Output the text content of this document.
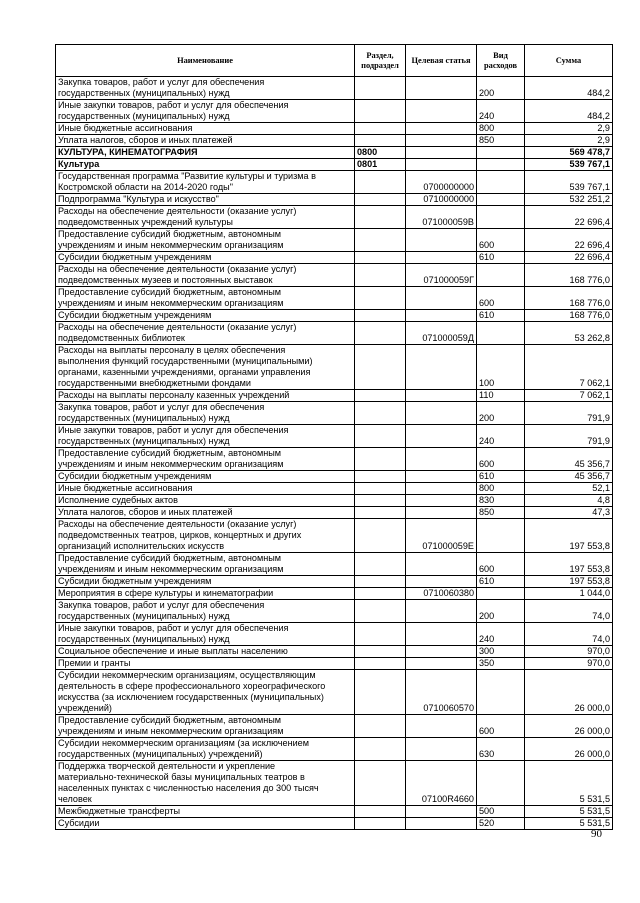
Наименование	Раздел, подраздел	Целевая статья	Вид расходов	Сумма

Закупка товаров, работ и услуг для обеспечения
государственных (муниципальных) нужд			200	484,2

Иные закупки товаров, работ и услуг для обеспечения
государственных (муниципальных) нужд			240	484,2

Иные бюджетные ассигнования			800	2,9

Уплата налогов, сборов и иных платежей			850	2,9

КУЛЬТУРА, КИНЕМАТОГРАФИЯ	0800			569 478,7

Культура	0801			539 767,1

Государственная программа "Развитие культуры и туризма в
Костромской области на 2014-2020 годы"		0700000000		539 767,1

Подпрограмма "Культура и искусство"		0710000000		532 251,2

Расходы на обеспечение деятельности (оказание услуг)
подведомственных учреждений культуры		071000059В		22 696,4

Предоставление субсидий бюджетным, автономным
учреждениям и иным некоммерческим организациям			600	22 696,4

Субсидии бюджетным учреждениям			610	22 696,4

Расходы на обеспечение деятельности (оказание услуг)
подведомственных музеев и постоянных выставок		071000059Г		168 776,0

Предоставление субсидий бюджетным, автономным
учреждениям и иным некоммерческим организациям			600	168 776,0

Субсидии бюджетным учреждениям			610	168 776,0

Расходы на обеспечение деятельности (оказание услуг)
подведомственных библиотек		071000059Д		53 262,8

Расходы на выплаты персоналу в целях обеспечения
выполнения функций государственными (муниципальными)
органами, казенными учреждениями, органами управления
государственными внебюджетными фондами			100	7 062,1

Расходы на выплаты персоналу казенных учреждений			110	7 062,1

Закупка товаров, работ и услуг для обеспечения
государственных (муниципальных) нужд			200	791,9

Иные закупки товаров, работ и услуг для обеспечения
государственных (муниципальных) нужд			240	791,9

Предоставление субсидий бюджетным, автономным
учреждениям и иным некоммерческим организациям			600	45 356,7

Субсидии бюджетным учреждениям			610	45 356,7

Иные бюджетные ассигнования			800	52,1

Исполнение судебных актов			830	4,8

Уплата налогов, сборов и иных платежей			850	47,3

Расходы на обеспечение деятельности (оказание услуг)
подведомственных театров, цирков, концертных и других
организаций исполнительских искусств		071000059Е		197 553,8

Предоставление субсидий бюджетным, автономным
учреждениям и иным некоммерческим организациям			600	197 553,8

Субсидии бюджетным учреждениям			610	197 553,8

Мероприятия в сфере культуры и кинематографии		0710060380		1 044,0

Закупка товаров, работ и услуг для обеспечения
государственных (муниципальных) нужд			200	74,0

Иные закупки товаров, работ и услуг для обеспечения
государственных (муниципальных) нужд			240	74,0

Социальное обеспечение и иные выплаты населению			300	970,0

Премии и гранты			350	970,0

Субсидии некоммерческим организациям, осуществляющим
деятельность в сфере профессионального хореографического
искусства (за исключением государственных (муниципальных)
учреждений)		0710060570		26 000,0

Предоставление субсидий бюджетным, автономным
учреждениям и иным некоммерческим организациям			600	26 000,0

Субсидии некоммерческим организациям (за исключением
государственных (муниципальных) учреждений)			630	26 000,0

Поддержка творческой деятельности и укрепление
материально-технической базы муниципальных театров в
населенных пунктах с численностью населения до 300 тысяч
человек		07100R4660		5 531,5

Межбюджетные трансферты			500	5 531,5

Субсидии			520	5 531,5
90
